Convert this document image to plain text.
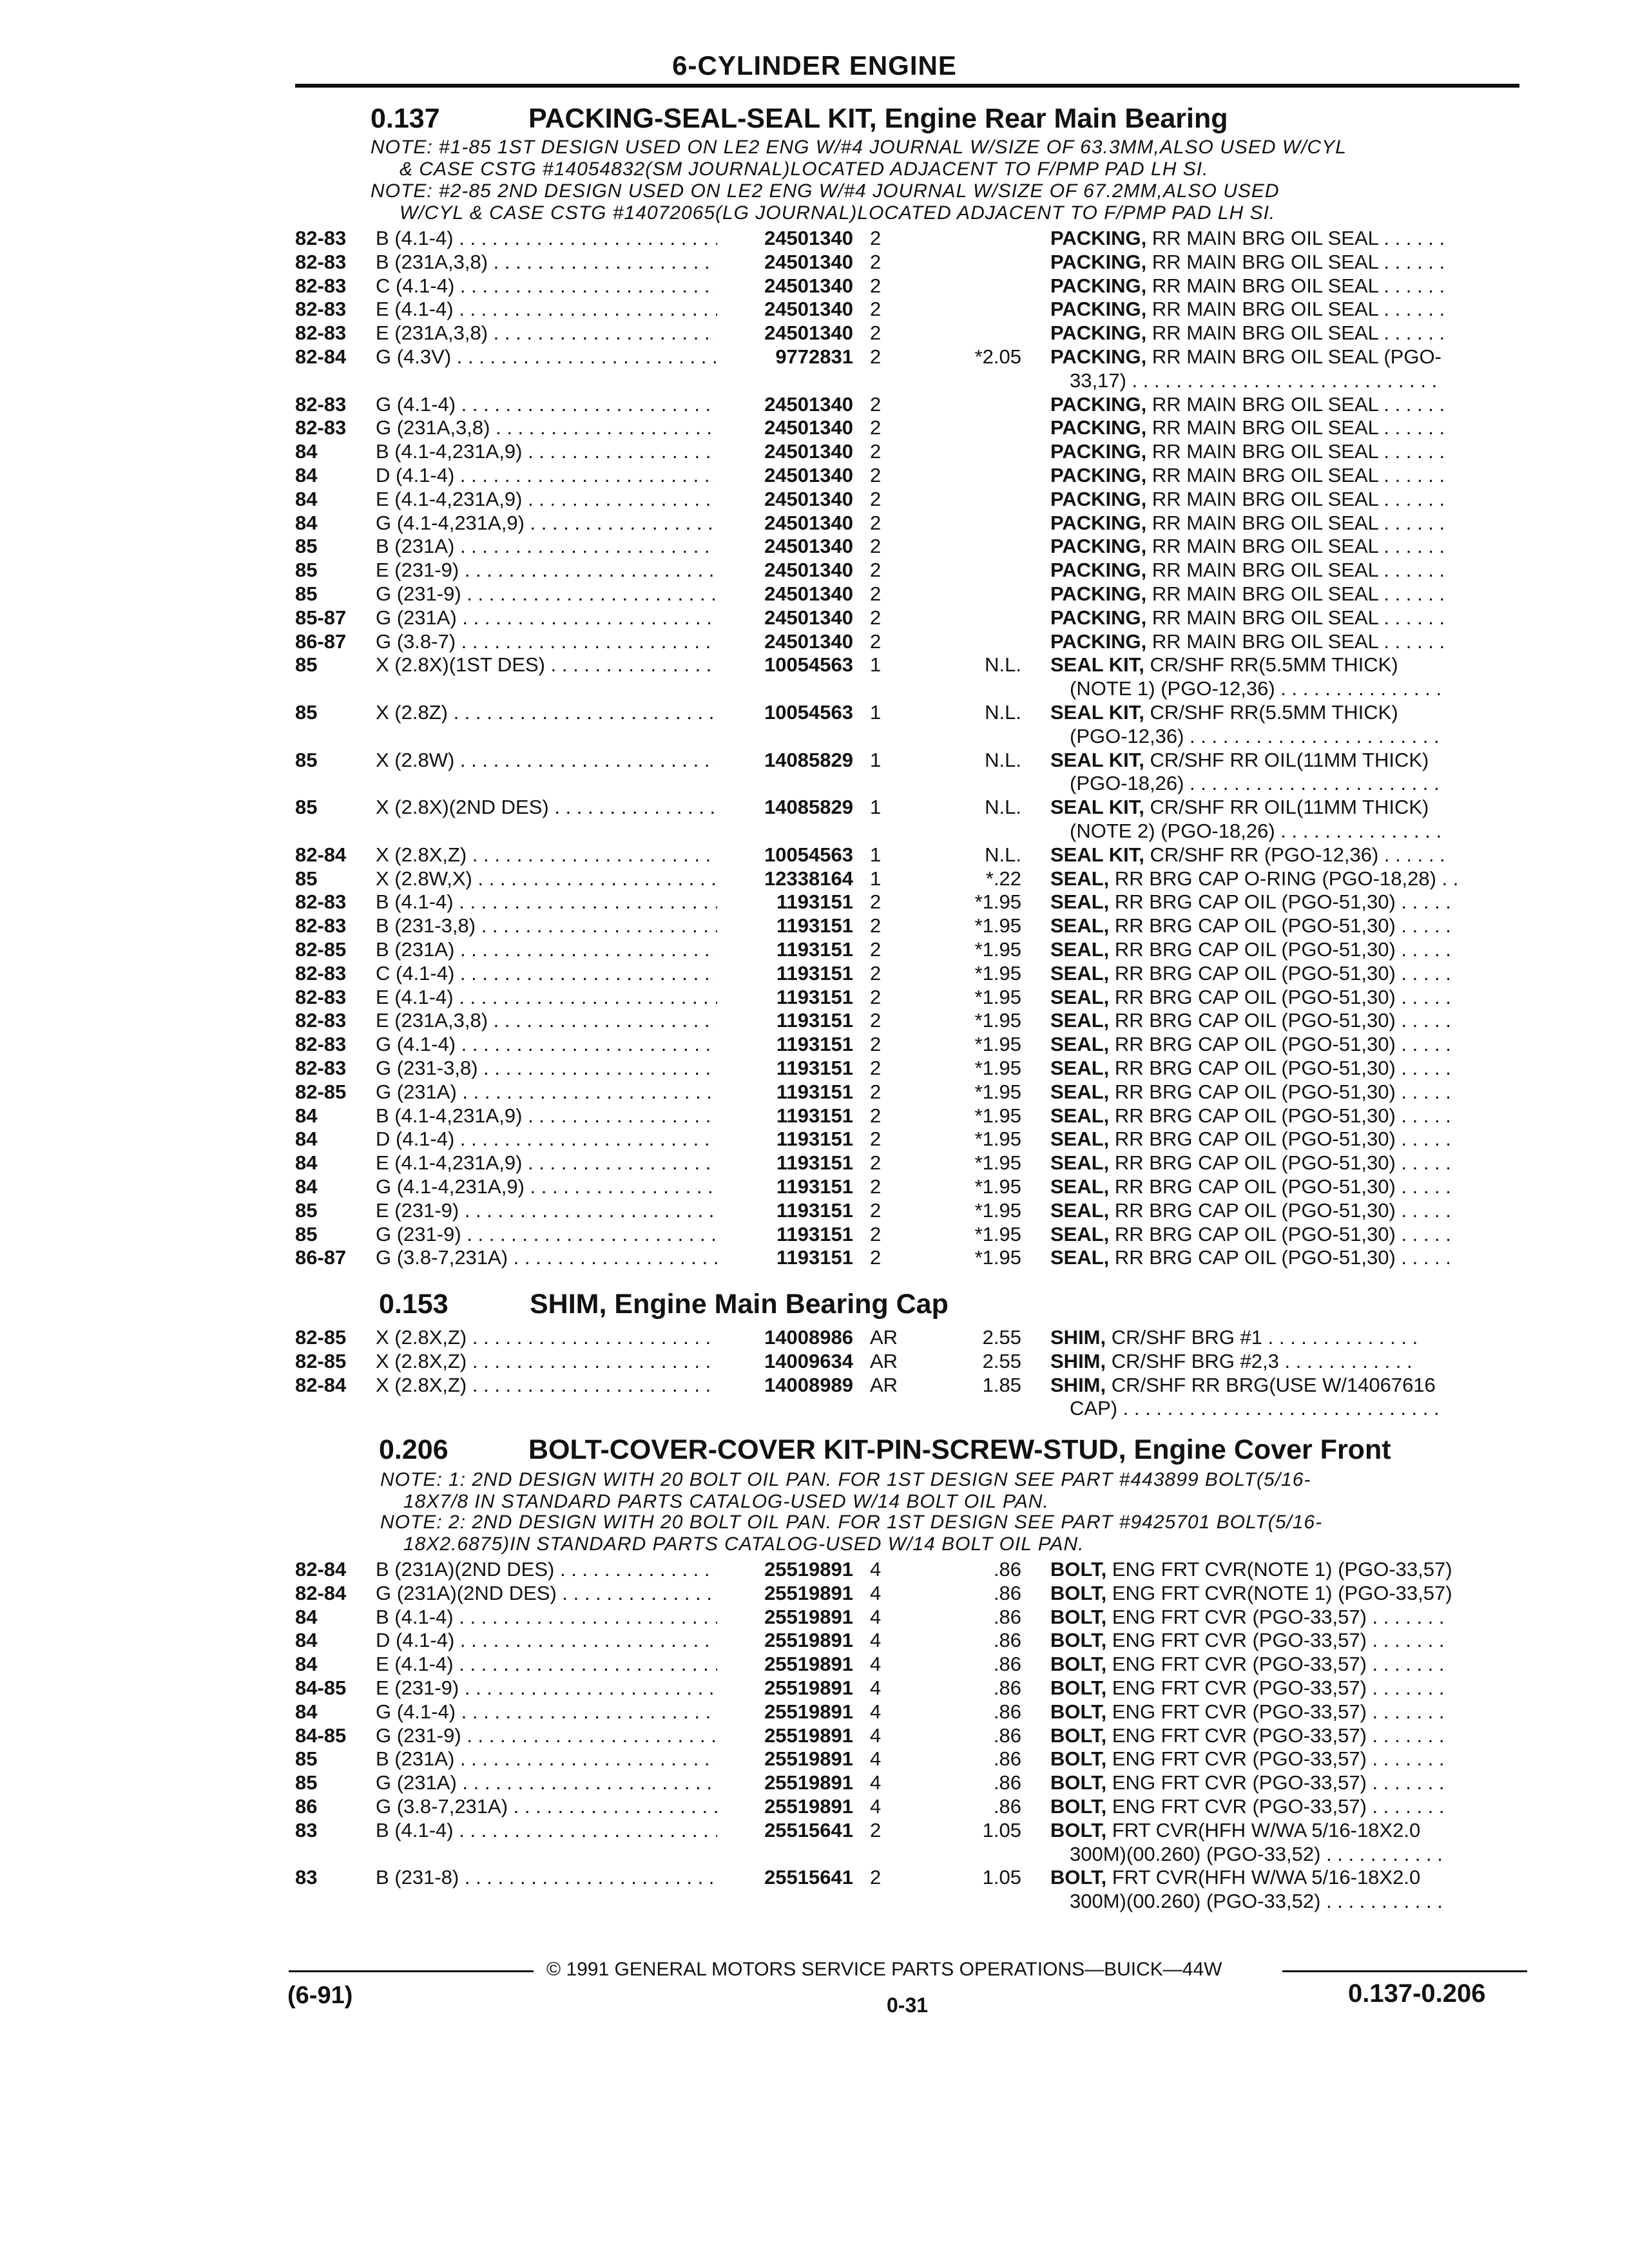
6-CYLINDER ENGINE
0.137	PACKING-SEAL-SEAL KIT, Engine Rear Main Bearing
NOTE: #1-85 1ST DESIGN USED ON LE2 ENG W/#4 JOURNAL W/SIZE OF 63.3MM,ALSO USED W/CYL
& CASE CSTG #14054832(SM JOURNAL)LOCATED ADJACENT TO F/PMP PAD LH SI.
NOTE: #2-85 2ND DESIGN USED ON LE2 ENG W/#4 JOURNAL W/SIZE OF 67.2MM,ALSO USED
W/CYL & CASE CSTG #14072065(LG JOURNAL)LOCATED ADJACENT TO F/PMP PAD LH SI.
82-83 B (4.1-4) . . .	24501340 2	PACKING, RR MAIN BRG OIL SEAL . . . . . .
82-83 B (231A,3,8) . . .	24501340 2	PACKING, RR MAIN BRG OIL SEAL . . . . . .
82-83 C (4.1-4) . . .	24501340 2	PACKING, RR MAIN BRG OIL SEAL . . . . . .
82-83 E (4.1-4) . . .	24501340 2	PACKING, RR MAIN BRG OIL SEAL . . . . . .
82-83 E (231A,3,8) . . .	24501340 2	PACKING, RR MAIN BRG OIL SEAL . . . . . .
82-84 G (4.3V) . . .	9772831 2	*2.05 PACKING, RR MAIN BRG OIL SEAL (PGO-
33,17) . . . . . . . . . . . . . . . . . . . . . . . . . . . .
82-83 G (4.1-4) . . .	24501340 2	PACKING, RR MAIN BRG OIL SEAL . . . . . .
82-83 G (231A,3,8) . . .	24501340 2	PACKING, RR MAIN BRG OIL SEAL . . . . . .
84	B (4.1-4,231A,9) . . .	24501340 2	PACKING, RR MAIN BRG OIL SEAL . . . . . .
84	D (4.1-4) . . .	24501340 2	PACKING, RR MAIN BRG OIL SEAL . . . . . .
84	E (4.1-4,231A,9) . . .	24501340 2	PACKING, RR MAIN BRG OIL SEAL . . . . . .
84	G (4.1-4,231A,9) . . .	24501340 2	PACKING, RR MAIN BRG OIL SEAL . . . . . .
85	B (231A) . . .	24501340 2	PACKING, RR MAIN BRG OIL SEAL . . . . . .
85	E (231-9) . . .	24501340 2	PACKING, RR MAIN BRG OIL SEAL . . . . . .
85	G (231-9) . . .	24501340 2	PACKING, RR MAIN BRG OIL SEAL . . . . . .
85-87 G (231A) . . .	24501340 2	PACKING, RR MAIN BRG OIL SEAL . . . . . .
86-87 G (3.8-7) . . .	24501340 2	PACKING, RR MAIN BRG OIL SEAL . . . . . .
85	X (2.8X)(1ST DES) . . .	10054563 1	N.L. SEAL KIT, CR/SHF RR(5.5MM THICK)
(NOTE 1) (PGO-12,36) . . . . . . . . . . . . . . .
85	X (2.8Z) . . .	10054563 1	N.L. SEAL KIT, CR/SHF RR(5.5MM THICK)
(PGO-12,36) . . . . . . . . . . . . . . . . . . . . . . .
85	X (2.8W) . . .	14085829 1	N.L. SEAL KIT, CR/SHF RR OIL(11MM THICK)
(PGO-18,26) . . . . . . . . . . . . . . . . . . . . . . .
85	X (2.8X)(2ND DES) . . .	14085829 1	N.L. SEAL KIT, CR/SHF RR OIL(11MM THICK)
(NOTE 2) (PGO-18,26) . . . . . . . . . . . . . . .
82-84 X (2.8X,Z) . . .	10054563 1	N.L. SEAL KIT, CR/SHF RR (PGO-12,36) . . . . . .
85	X (2.8W,X) . . .	12338164 1	*.22 SEAL, RR BRG CAP O-RING (PGO-18,28) . .
82-83 B (4.1-4) . . .	1193151 2	*1.95 SEAL, RR BRG CAP OIL (PGO-51,30) . . . . .
82-83 B (231-3,8) . . .	1193151 2	*1.95 SEAL, RR BRG CAP OIL (PGO-51,30) . . . . .
82-85 B (231A) . . .	1193151 2	*1.95 SEAL, RR BRG CAP OIL (PGO-51,30) . . . . .
82-83 C (4.1-4) . . .	1193151 2	*1.95 SEAL, RR BRG CAP OIL (PGO-51,30) . . . . .
82-83 E (4.1-4) . . .	1193151 2	*1.95 SEAL, RR BRG CAP OIL (PGO-51,30) . . . . .
82-83 E (231A,3,8) . . .	1193151 2	*1.95 SEAL, RR BRG CAP OIL (PGO-51,30) . . . . .
82-83 G (4.1-4) . . .	1193151 2	*1.95 SEAL, RR BRG CAP OIL (PGO-51,30) . . . . .
82-83 G (231-3,8) . . .	1193151 2	*1.95 SEAL, RR BRG CAP OIL (PGO-51,30) . . . . .
82-85 G (231A) . . .	1193151 2	*1.95 SEAL, RR BRG CAP OIL (PGO-51,30) . . . . .
84	B (4.1-4,231A,9) . . .	1193151 2	*1.95 SEAL, RR BRG CAP OIL (PGO-51,30) . . . . .
84	D (4.1-4) . . .	1193151 2	*1.95 SEAL, RR BRG CAP OIL (PGO-51,30) . . . . .
84	E (4.1-4,231A,9) . . .	1193151 2	*1.95 SEAL, RR BRG CAP OIL (PGO-51,30) . . . . .
84	G (4.1-4,231A,9) . . .	1193151 2	*1.95 SEAL, RR BRG CAP OIL (PGO-51,30) . . . . .
85	E (231-9) . . .	1193151 2	*1.95 SEAL, RR BRG CAP OIL (PGO-51,30) . . . . .
85	G (231-9) . . .	1193151 2	*1.95 SEAL, RR BRG CAP OIL (PGO-51,30) . . . . .
86-87 G (3.8-7,231A) . . .	1193151 2	*1.95 SEAL, RR BRG CAP OIL (PGO-51,30) . . . . .
0.153	SHIM, Engine Main Bearing Cap
82-85 X (2.8X,Z) . . .	14008986 AR	2.55 SHIM, CR/SHF BRG #1 . . . . . . . . . . . . . .
82-85 X (2.8X,Z) . . .	14009634 AR	2.55 SHIM, CR/SHF BRG #2,3 . . . . . . . . . . . .
82-84 X (2.8X,Z) . . .	14008989 AR	1.85 SHIM, CR/SHF RR BRG(USE W/14067616
CAP) . . . . . . . . . . . . . . . . . . . . . . . . . . . . .
0.206	BOLT-COVER-COVER KIT-PIN-SCREW-STUD, Engine Cover Front
NOTE: 1: 2ND DESIGN WITH 20 BOLT OIL PAN. FOR 1ST DESIGN SEE PART #443899 BOLT(5/16-
18X7/8 IN STANDARD PARTS CATALOG-USED W/14 BOLT OIL PAN.
NOTE: 2: 2ND DESIGN WITH 20 BOLT OIL PAN. FOR 1ST DESIGN SEE PART #9425701 BOLT(5/16-
18X2.6875)IN STANDARD PARTS CATALOG-USED W/14 BOLT OIL PAN.
82-84 B (231A)(2ND DES) . . .	25519891 4	.86 BOLT, ENG FRT CVR(NOTE 1) (PGO-33,57)
82-84 G (231A)(2ND DES) . . .	25519891 4	.86 BOLT, ENG FRT CVR(NOTE 1) (PGO-33,57)
84	B (4.1-4) . . .	25519891 4	.86 BOLT, ENG FRT CVR (PGO-33,57) . . . . . . .
84	D (4.1-4) . . .	25519891 4	.86 BOLT, ENG FRT CVR (PGO-33,57) . . . . . . .
84	E (4.1-4) . . .	25519891 4	.86 BOLT, ENG FRT CVR (PGO-33,57) . . . . . . .
84-85 E (231-9) . . .	25519891 4	.86 BOLT, ENG FRT CVR (PGO-33,57) . . . . . . .
84	G (4.1-4) . . .	25519891 4	.86 BOLT, ENG FRT CVR (PGO-33,57) . . . . . . .
84-85 G (231-9) . . .	25519891 4	.86 BOLT, ENG FRT CVR (PGO-33,57) . . . . . . .
85	B (231A) . . .	25519891 4	.86 BOLT, ENG FRT CVR (PGO-33,57) . . . . . . .
85	G (231A) . . .	25519891 4	.86 BOLT, ENG FRT CVR (PGO-33,57) . . . . . . .
86	G (3.8-7,231A) . . .	25519891 4	.86 BOLT, ENG FRT CVR (PGO-33,57) . . . . . . .
83	B (4.1-4) . . .	25515641 2	1.05 BOLT, FRT CVR(HFH W/WA 5/16-18X2.0
300M)(00.260) (PGO-33,52) . . . . . . . . . . .
83	B (231-8) . . .	25515641 2	1.05 BOLT, FRT CVR(HFH W/WA 5/16-18X2.0
300M)(00.260) (PGO-33,52) . . . . . . . . . . .
© 1991 GENERAL MOTORS SERVICE PARTS OPERATIONS—BUICK—44W
(6-91)	0-31	0.137-0.206
